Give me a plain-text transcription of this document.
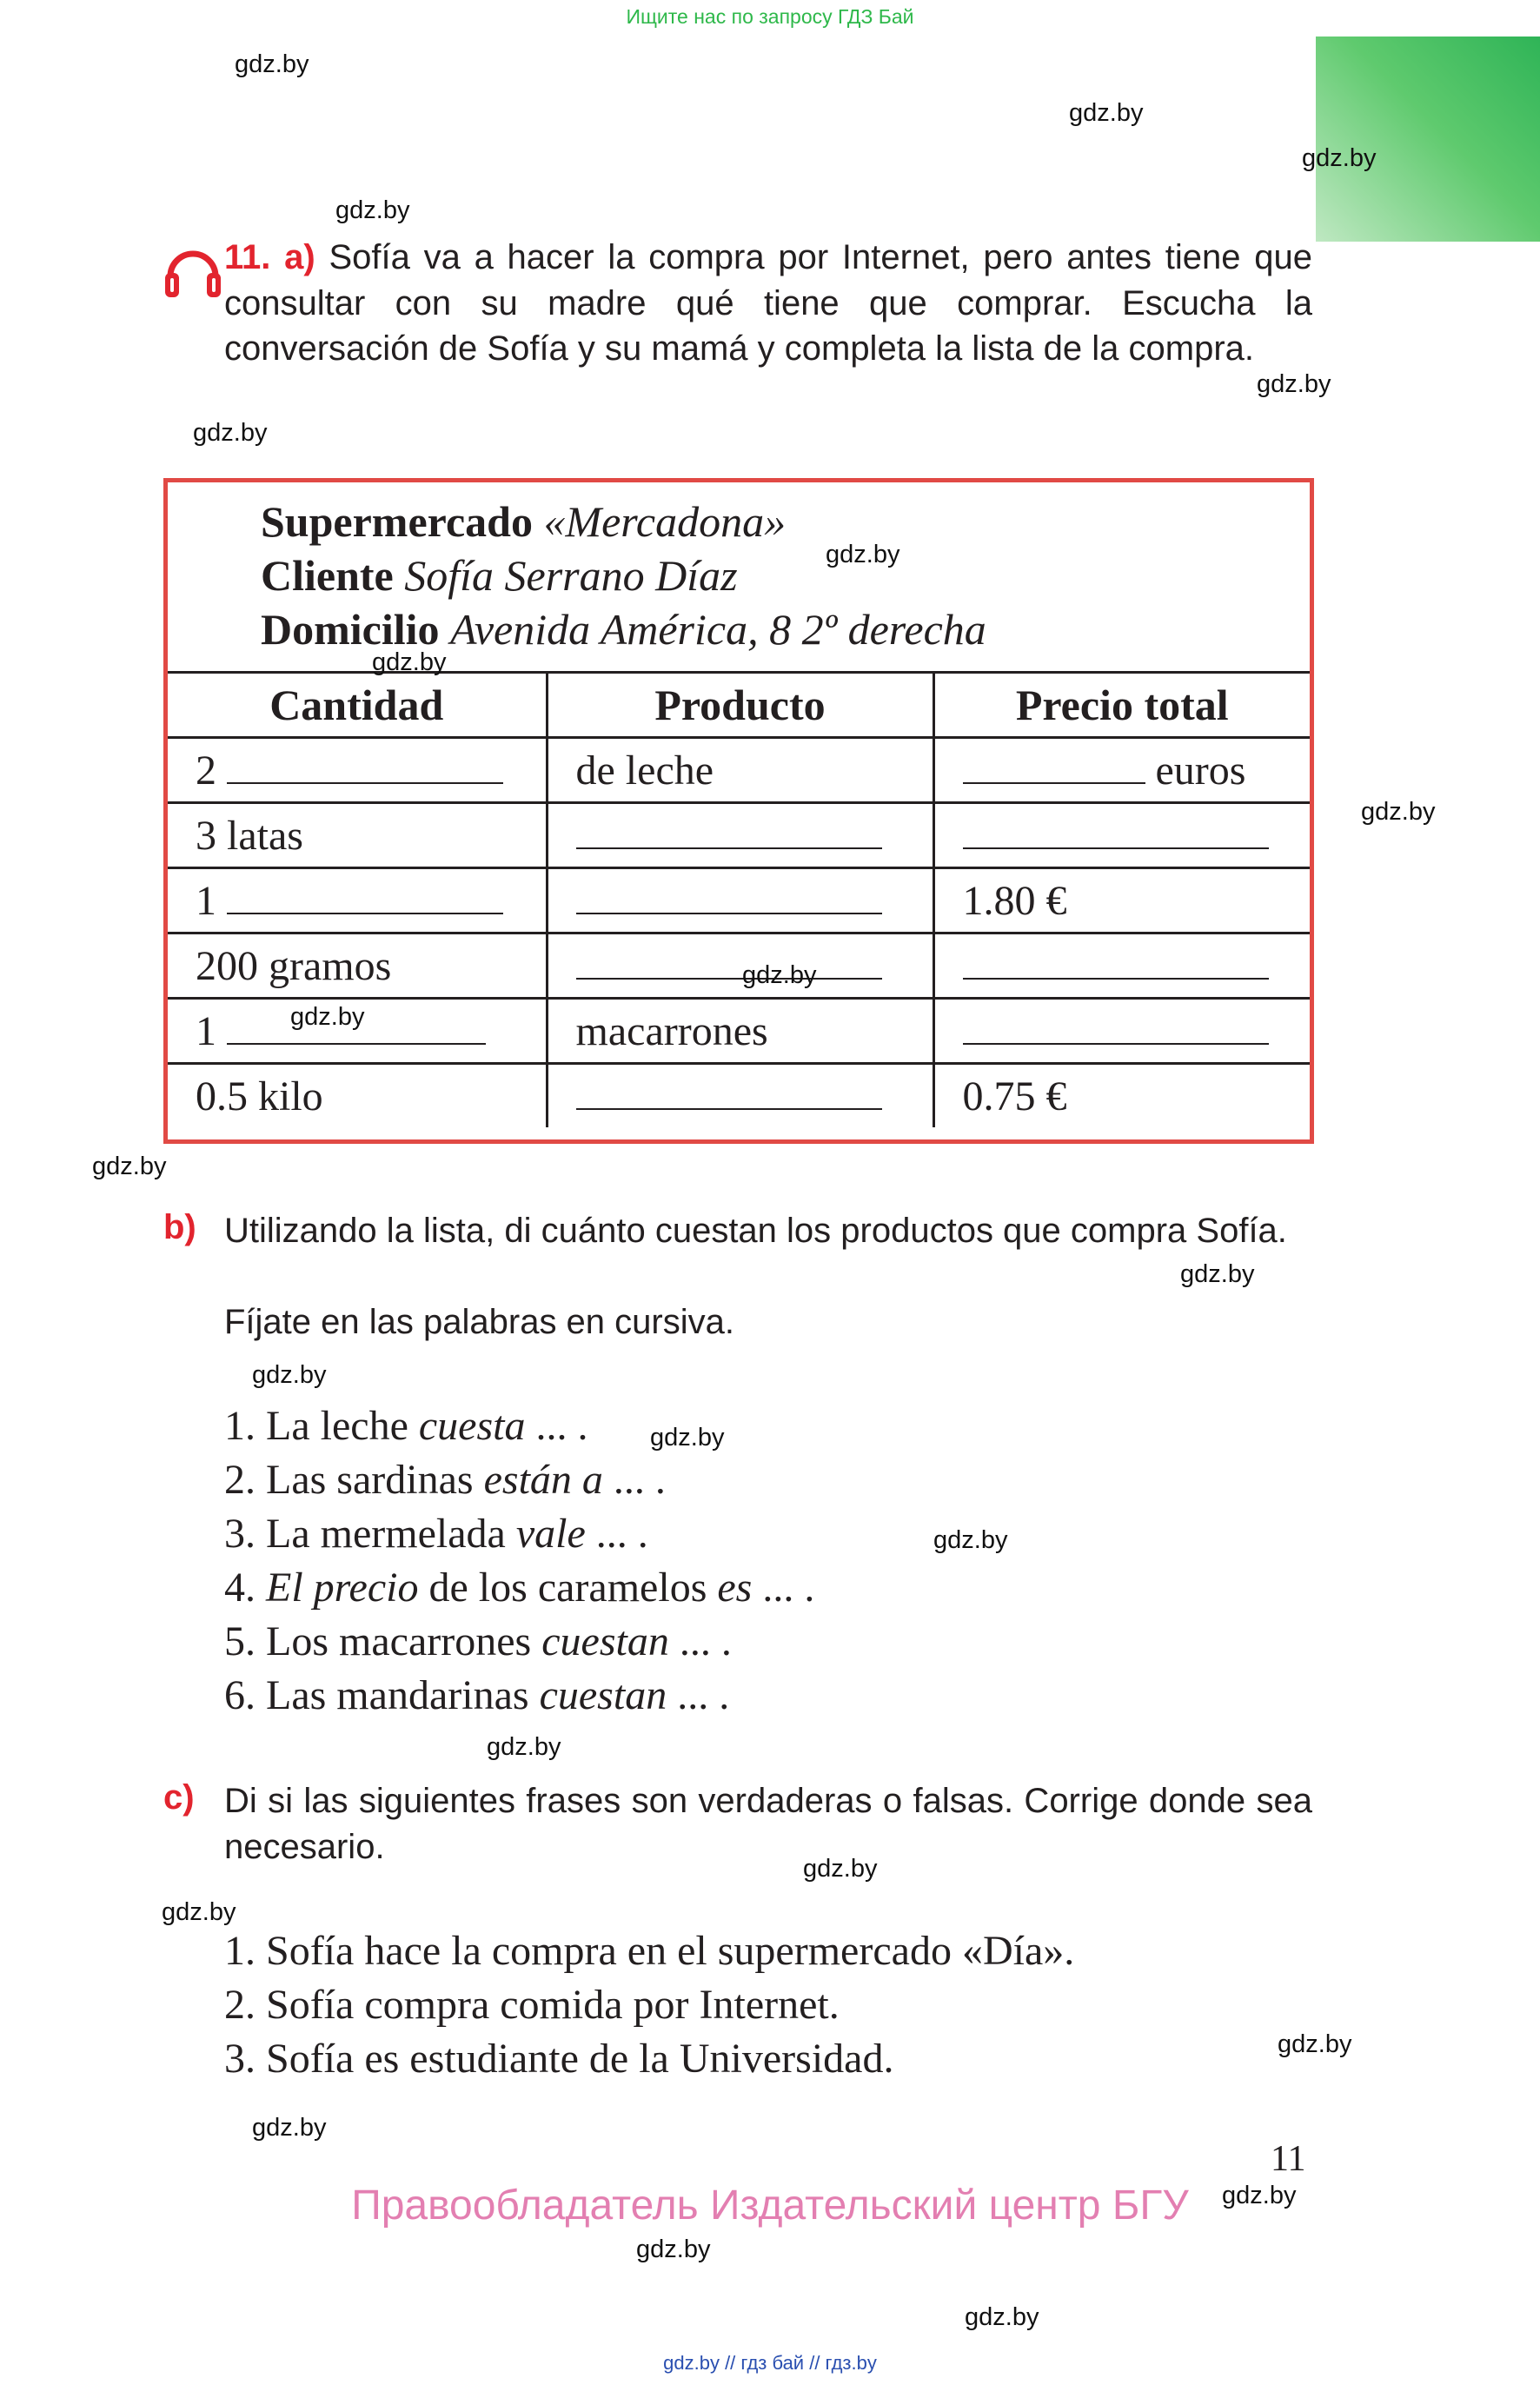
Ищите нас по запросу ГДЗ Бай
gdz.by
gdz.by
gdz.by
gdz.by
gdz.by
gdz.by
gdz.by
gdz.by
gdz.by
gdz.by
gdz.by
gdz.by
gdz.by
gdz.by
gdz.by
gdz.by
gdz.by
gdz.by
gdz.by
gdz.by
gdz.by
gdz.by
gdz.by
gdz.by
11. a) Sofía va a hacer la compra por Internet, pero antes tiene que consultar con su madre qué tiene que comprar. Escucha la conversación de Sofía y su mamá y completa la lista de la compra.
Supermercado «Mercadona»
Cliente Sofía Serrano Díaz
Domicilio Avenida América, 8 2º derecha
Cantidad	Producto	Precio total
2	de leche	euros
3 latas		
1		1.80 €
200 gramos		
1	macarrones	
0.5 kilo		0.75 €
b) Utilizando la lista, di cuánto cuestan los productos que compra Sofía.
Fíjate en las palabras en cursiva.
1. La leche cuesta ... .
2. Las sardinas están a ... .
3. La mermelada vale ... .
4. El precio de los caramelos es ... .
5. Los macarrones cuestan ... .
6. Las mandarinas cuestan ... .
c) Di si las siguientes frases son verdaderas o falsas. Corrige donde sea necesario.
1. Sofía hace la compra en el supermercado «Día».
2. Sofía compra comida por Internet.
3. Sofía es estudiante de la Universidad.
11
Правообладатель Издательский центр БГУ
gdz.by // гдз бай // гдз.by
